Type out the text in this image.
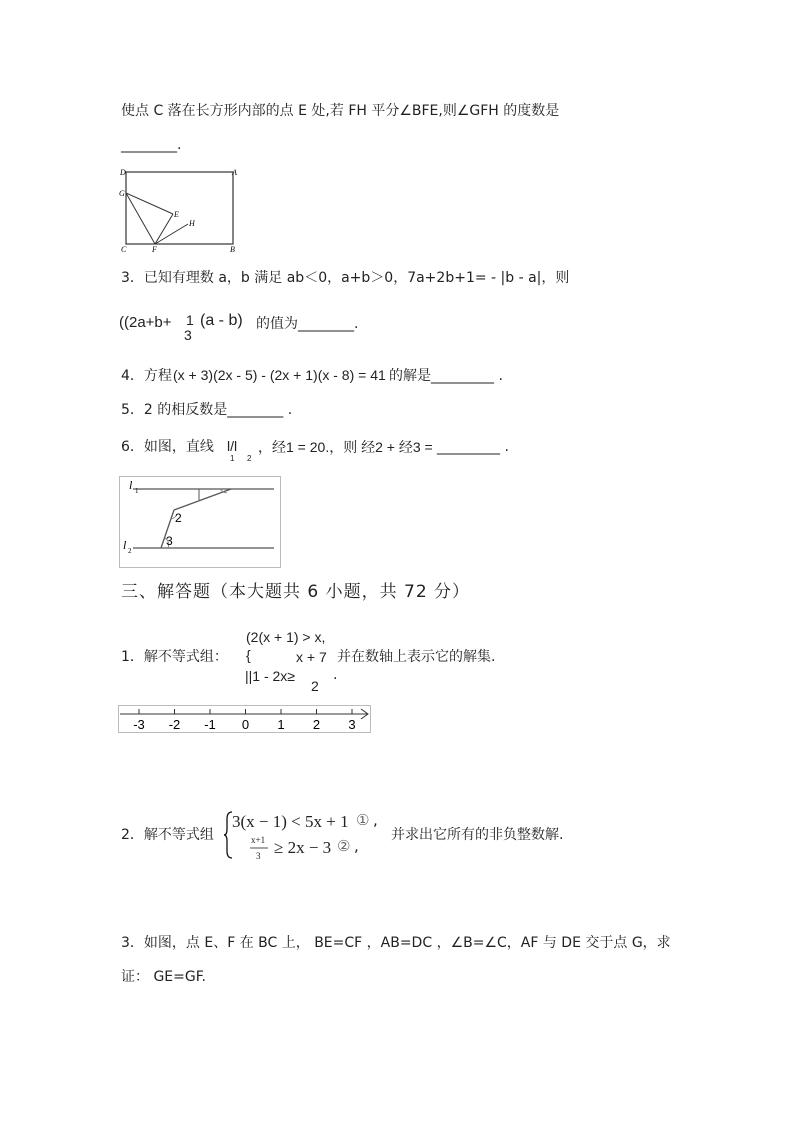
使点 C 落在长方形内部的点 E 处,若 FH 平分∠BFE,则∠GFH 的度数是
________.
D	A
G
E
H
C	F	B
3．已知有理数 a，b 满足 ab＜0，a+b＞0，7a+2b+1= - |b - a|，则
((2a+b+ 1
3
(a - b) 的值为________.
4．方程 (x + 3)(2x - 5) - (2x + 1)(x - 8) = 41 的解是_________ .
5．2 的相反数是________ .
6．如图，直线 l/l
1 2
，经1 = 20.，则 经2 + 经3 = _________ .
l 1
l 2
2
3
三、解答题（本大题共 6 小题，共 72 分）
1．解不等式组：
(2(x + 1) > x,
{	x + 7
||1 - 2x≥
2
.
并在数轴上表示它的解集.
-3 -2 -1 0 1 2 3
2．解不等式组
3(x − 1) < 5x + 1 ① ,
x+1
3 ≥ 2x − 3 ② ,
并求出它所有的非负整数解.
3．如图，点 E、F 在 BC 上， BE=CF ，AB=DC ，∠B=∠C，AF 与 DE 交于点 G，求
证： GE=GF.
